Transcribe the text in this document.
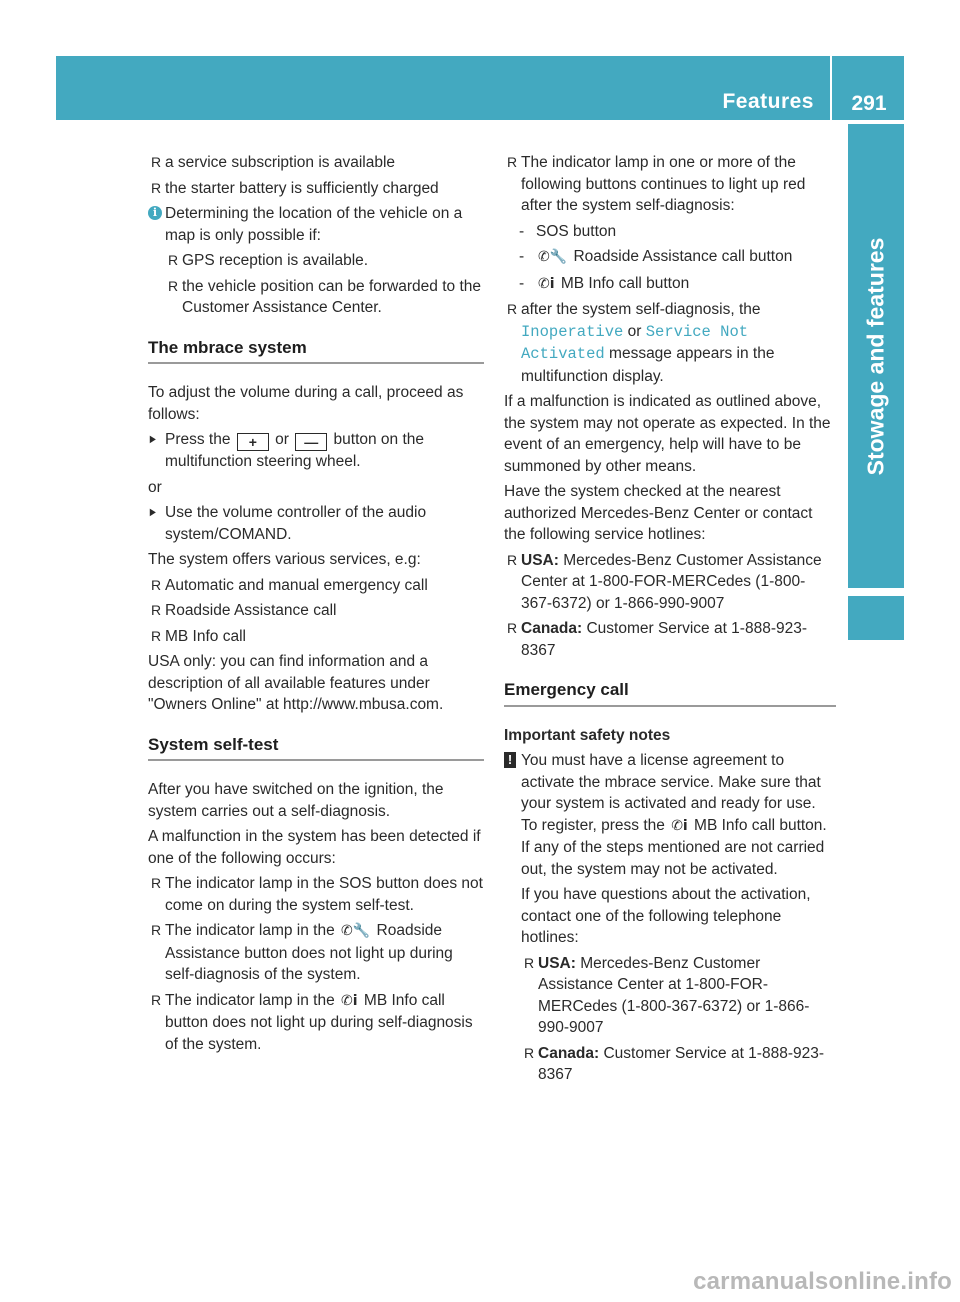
Features	291
Stowage and features
R a service subscription is available
R the starter battery is sufficiently charged
i Determining the location of the vehicle on a map is only possible if:
R GPS reception is available.
R the vehicle position can be forwarded to the Customer Assistance Center.
The mbrace system

To adjust the volume during a call, proceed as follows:

▶ Press the + or — button on the multifunction steering wheel.

or

▶ Use the volume controller of the audio system/COMAND.

The system offers various services, e.g:

R Automatic and manual emergency call
R Roadside Assistance call
R MB Info call

USA only: you can find information and a description of all available features under "Owners Online" at http://www.mbusa.com.

System self-test

After you have switched on the ignition, the system carries out a self-diagnosis.

A malfunction in the system has been detected if one of the following occurs:

R The indicator lamp in the SOS button does not come on during the system self-test.
R The indicator lamp in the ✆🔧 Roadside Assistance button does not light up during self-diagnosis of the system.
R The indicator lamp in the ✆i MB Info call button does not light up during self-diagnosis of the system.
R The indicator lamp in one or more of the following buttons continues to light up red after the system self-diagnosis:
- SOS button
- ✆🔧 Roadside Assistance call button
- ✆i MB Info call button
R after the system self-diagnosis, the Inoperative or Service Not Activated message appears in the multifunction display.

If a malfunction is indicated as outlined above, the system may not operate as expected. In the event of an emergency, help will have to be summoned by other means.

Have the system checked at the nearest authorized Mercedes-Benz Center or contact the following service hotlines:

R USA: Mercedes-Benz Customer Assistance Center at 1-800-FOR-MERCedes (1-800-367-6372) or 1-866-990-9007
R Canada: Customer Service at 1-888-923-8367
Emergency call
Important safety notes
! You must have a license agreement to activate the mbrace service. Make sure that your system is activated and ready for use. To register, press the ✆i MB Info call button. If any of the steps mentioned are not carried out, the system may not be activated.

If you have questions about the activation, contact one of the following telephone hotlines:

R USA: Mercedes-Benz Customer Assistance Center at 1-800-FOR-MERCedes (1-800-367-6372) or 1-866-990-9007
R Canada: Customer Service at 1-888-923-8367
carmanualsonline.info
